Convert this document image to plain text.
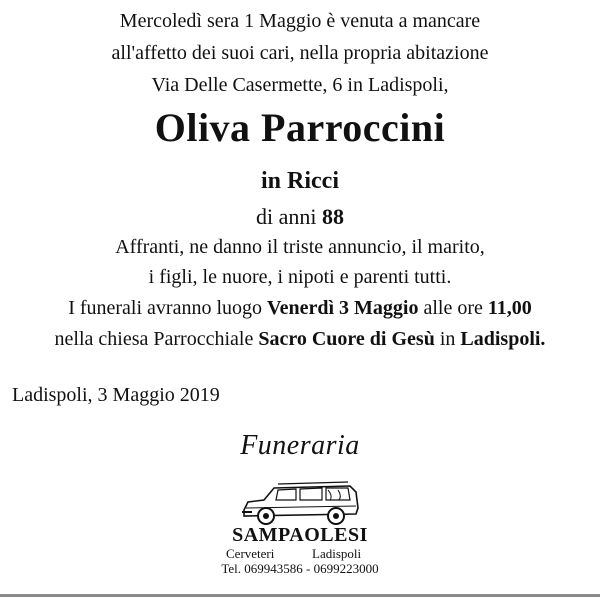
Mercoledì sera 1 Maggio è venuta a mancare
all'affetto dei suoi cari, nella propria abitazione
Via Delle Casermette, 6 in Ladispoli,
Oliva Parroccini
in Ricci
di anni 88
Affranti, ne danno il triste annuncio, il marito,
i figli, le nuore, i nipoti e parenti tutti.
I funerali avranno luogo Venerdì 3 Maggio alle ore 11,00
nella chiesa Parrocchiale Sacro Cuore di Gesù in Ladispoli.
Ladispoli, 3 Maggio 2019
Funeraria
SAMPAOLESI
Cerveteri	Ladispoli
Tel. 069943586 - 0699223000
